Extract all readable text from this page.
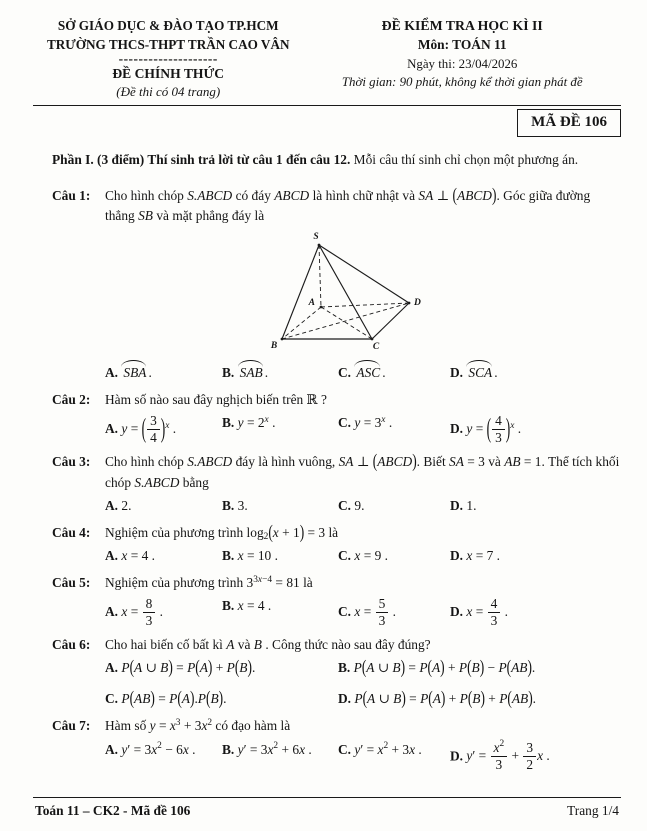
SỞ GIÁO DỤC & ĐÀO TẠO TP.HCM
TRƯỜNG THCS-THPT TRẦN CAO VÂN
--------------------
ĐỀ CHÍNH THỨC
(Đề thi có 04 trang)
ĐỀ KIỂM TRA HỌC KÌ II
Môn: TOÁN 11
Ngày thi: 23/04/2026
Thời gian: 90 phút, không kể thời gian phát đề
MÃ ĐỀ 106
Phần I. (3 điểm) Thí sinh trả lời từ câu 1 đến câu 12. Mỗi câu thí sinh chỉ chọn một phương án.
Câu 1:	Cho hình chóp S.ABCD có đáy ABCD là hình chữ nhật và SA ⊥ (ABCD). Góc giữa đường thẳng SB và mặt phẳng đáy là
S
A
B	C
D
A. SBA .	B. SAB .	C. ASC .	D. SCA .
Câu 2:	Hàm số nào sau đây nghịch biến trên ℝ ?
A. y = ( $\frac{3}{4} )^x$ .	B. $y = 2^x$ .	C. $y = 3^x$ .	D. y = ( $\frac{4}{3} )^x$ .
Câu 3:	Cho hình chóp S.ABCD đáy là hình vuông, SA ⊥ (ABCD). Biết SA = 3 và AB = 1. Thể tích khối chóp S.ABCD bằng
A. 2.	B. 3.	C. 9.	D. 1.
Câu 4:	Nghiệm của phương trình log2(x + 1) = 3 là
A. x = 4 .	B. x = 10 .	C. x = 9 .	D. x = 7 .
Câu 5:	Nghiệm của phương trình $3^{3x-4} = 81$ là
A. $x = \frac{8}{3}$ .	B. x = 4 .	C. $x = \frac{5}{3}$ .	D. $x = \frac{4}{3}$ .
Câu 6:	Cho hai biến cố bất kì A và B . Công thức nào sau đây đúng?
A. P(A ∪ B) = P(A) + P(B).	B. P(A ∪ B) = P(A) + P(B) − P(AB).
C. P(AB) = P(A).P(B).	D. P(A ∪ B) = P(A) + P(B) + P(AB).
Câu 7:	Hàm số $y = x^3 + 3x^2$ có đạo hàm là
A. $y' = 3x^2 - 6x$ .	B. $y' = 3x^2 + 6x$ .	C. $y' = x^2 + 3x$ .	D. $y' = \frac{x^2}{3} + \frac{3}{2}$ x .
Toán 11 – CK2 - Mã đề 106	Trang 1/4
